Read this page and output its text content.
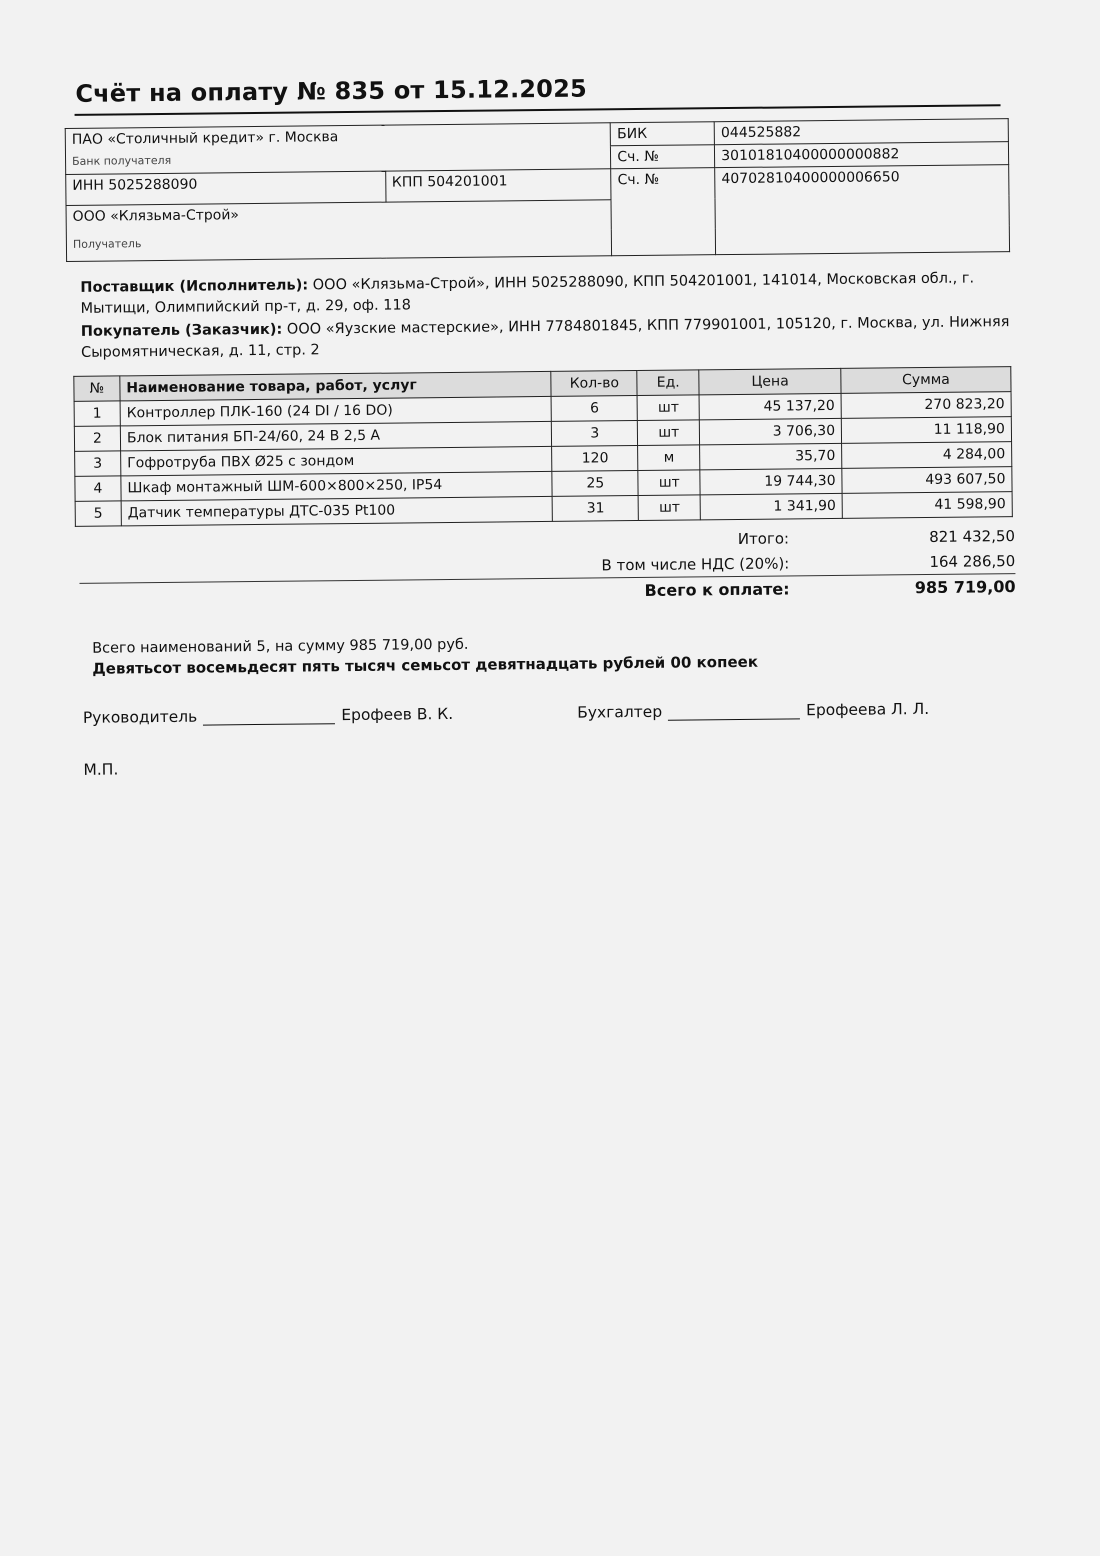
Счёт на оплату № 835 от 15.12.2025
ПАО «Столичный кредит» г. Москва		БИК	044525882
Банк получателя		Сч. №	30101810400000000882
ИНН 5025288090	КПП 504201001	Сч. №	40702810400000006650
ООО «Клязьма-Строй»			
Получатель			

Поставщик (Исполнитель): ООО «Клязьма-Строй», ИНН 5025288090, КПП 504201001, 141014, Московская обл., г. Мытищи, Олимпийский пр-т, д. 29, оф. 118

Покупатель (Заказчик): ООО «Яузские мастерские», ИНН 7784801845, КПП 779901001, 105120, г. Москва, ул. Нижняя Сыромятническая, д. 11, стр. 2

№	Наименование товара, работ, услуг	Кол-во	Ед.	Цена	Сумма
1	Контроллер ПЛК-160 (24 DI / 16 DO)	6	шт	45 137,20	270 823,20
2	Блок питания БП-24/60, 24 В 2,5 А	3	шт	3 706,30	11 118,90
3	Гофротруба ПВХ Ø25 с зондом	120	м	35,70	4 284,00
4	Шкаф монтажный ШМ-600×800×250, IP54	25	шт	19 744,30	493 607,50
5	Датчик температуры ДТС-035 Pt100	31	шт	1 341,90	41 598,90
Итого:	821 432,50
В том числе НДС (20%):	164 286,50
Всего к оплате:	985 719,00
Всего наименований 5, на сумму 985 719,00 руб.
Девятьсот восемьдесят пять тысяч семьсот девятнадцать рублей 00 копеек
Руководитель	Ерофеев В. К.	Бухгалтер	Ерофеева Л. Л.
М.П.
